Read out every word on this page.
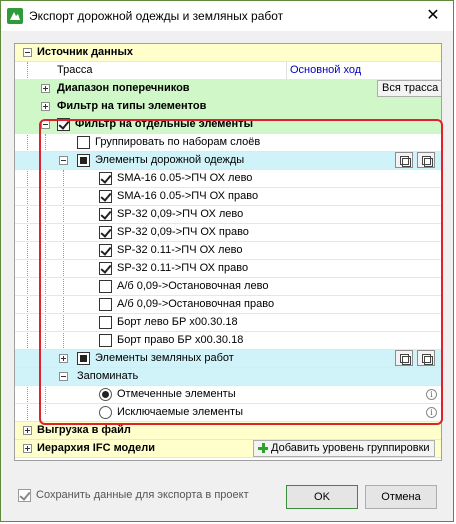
Экспорт дорожной одежды и земляных работ	✕
Источник данных
Трасса	Основной ход
Диапазон поперечников	Вся трасса
Фильтр на типы элементов
Фильтр на отдельные элементы
Группировать по наборам слоёв
Элементы дорожной одежды
SMA-16 0.05->ПЧ ОХ лево
SMA-16 0.05->ПЧ ОХ право
SP-32 0,09->ПЧ ОХ лево
SP-32 0,09->ПЧ ОХ право
SP-32 0.11->ПЧ ОХ лево
SP-32 0.11->ПЧ ОХ право
А/б 0,09->Остановочная лево
А/б 0,09->Остановочная право
Борт лево БР х00.30.18
Борт право БР х00.30.18
Элементы земляных работ
Запоминать
Отмеченные элементы	i
Исключаемые элементы	i
Выгрузка в файл
Иерархия IFC модели	Добавить уровень группировки
Сохранить данные для экспорта в проект	OK	Отмена
